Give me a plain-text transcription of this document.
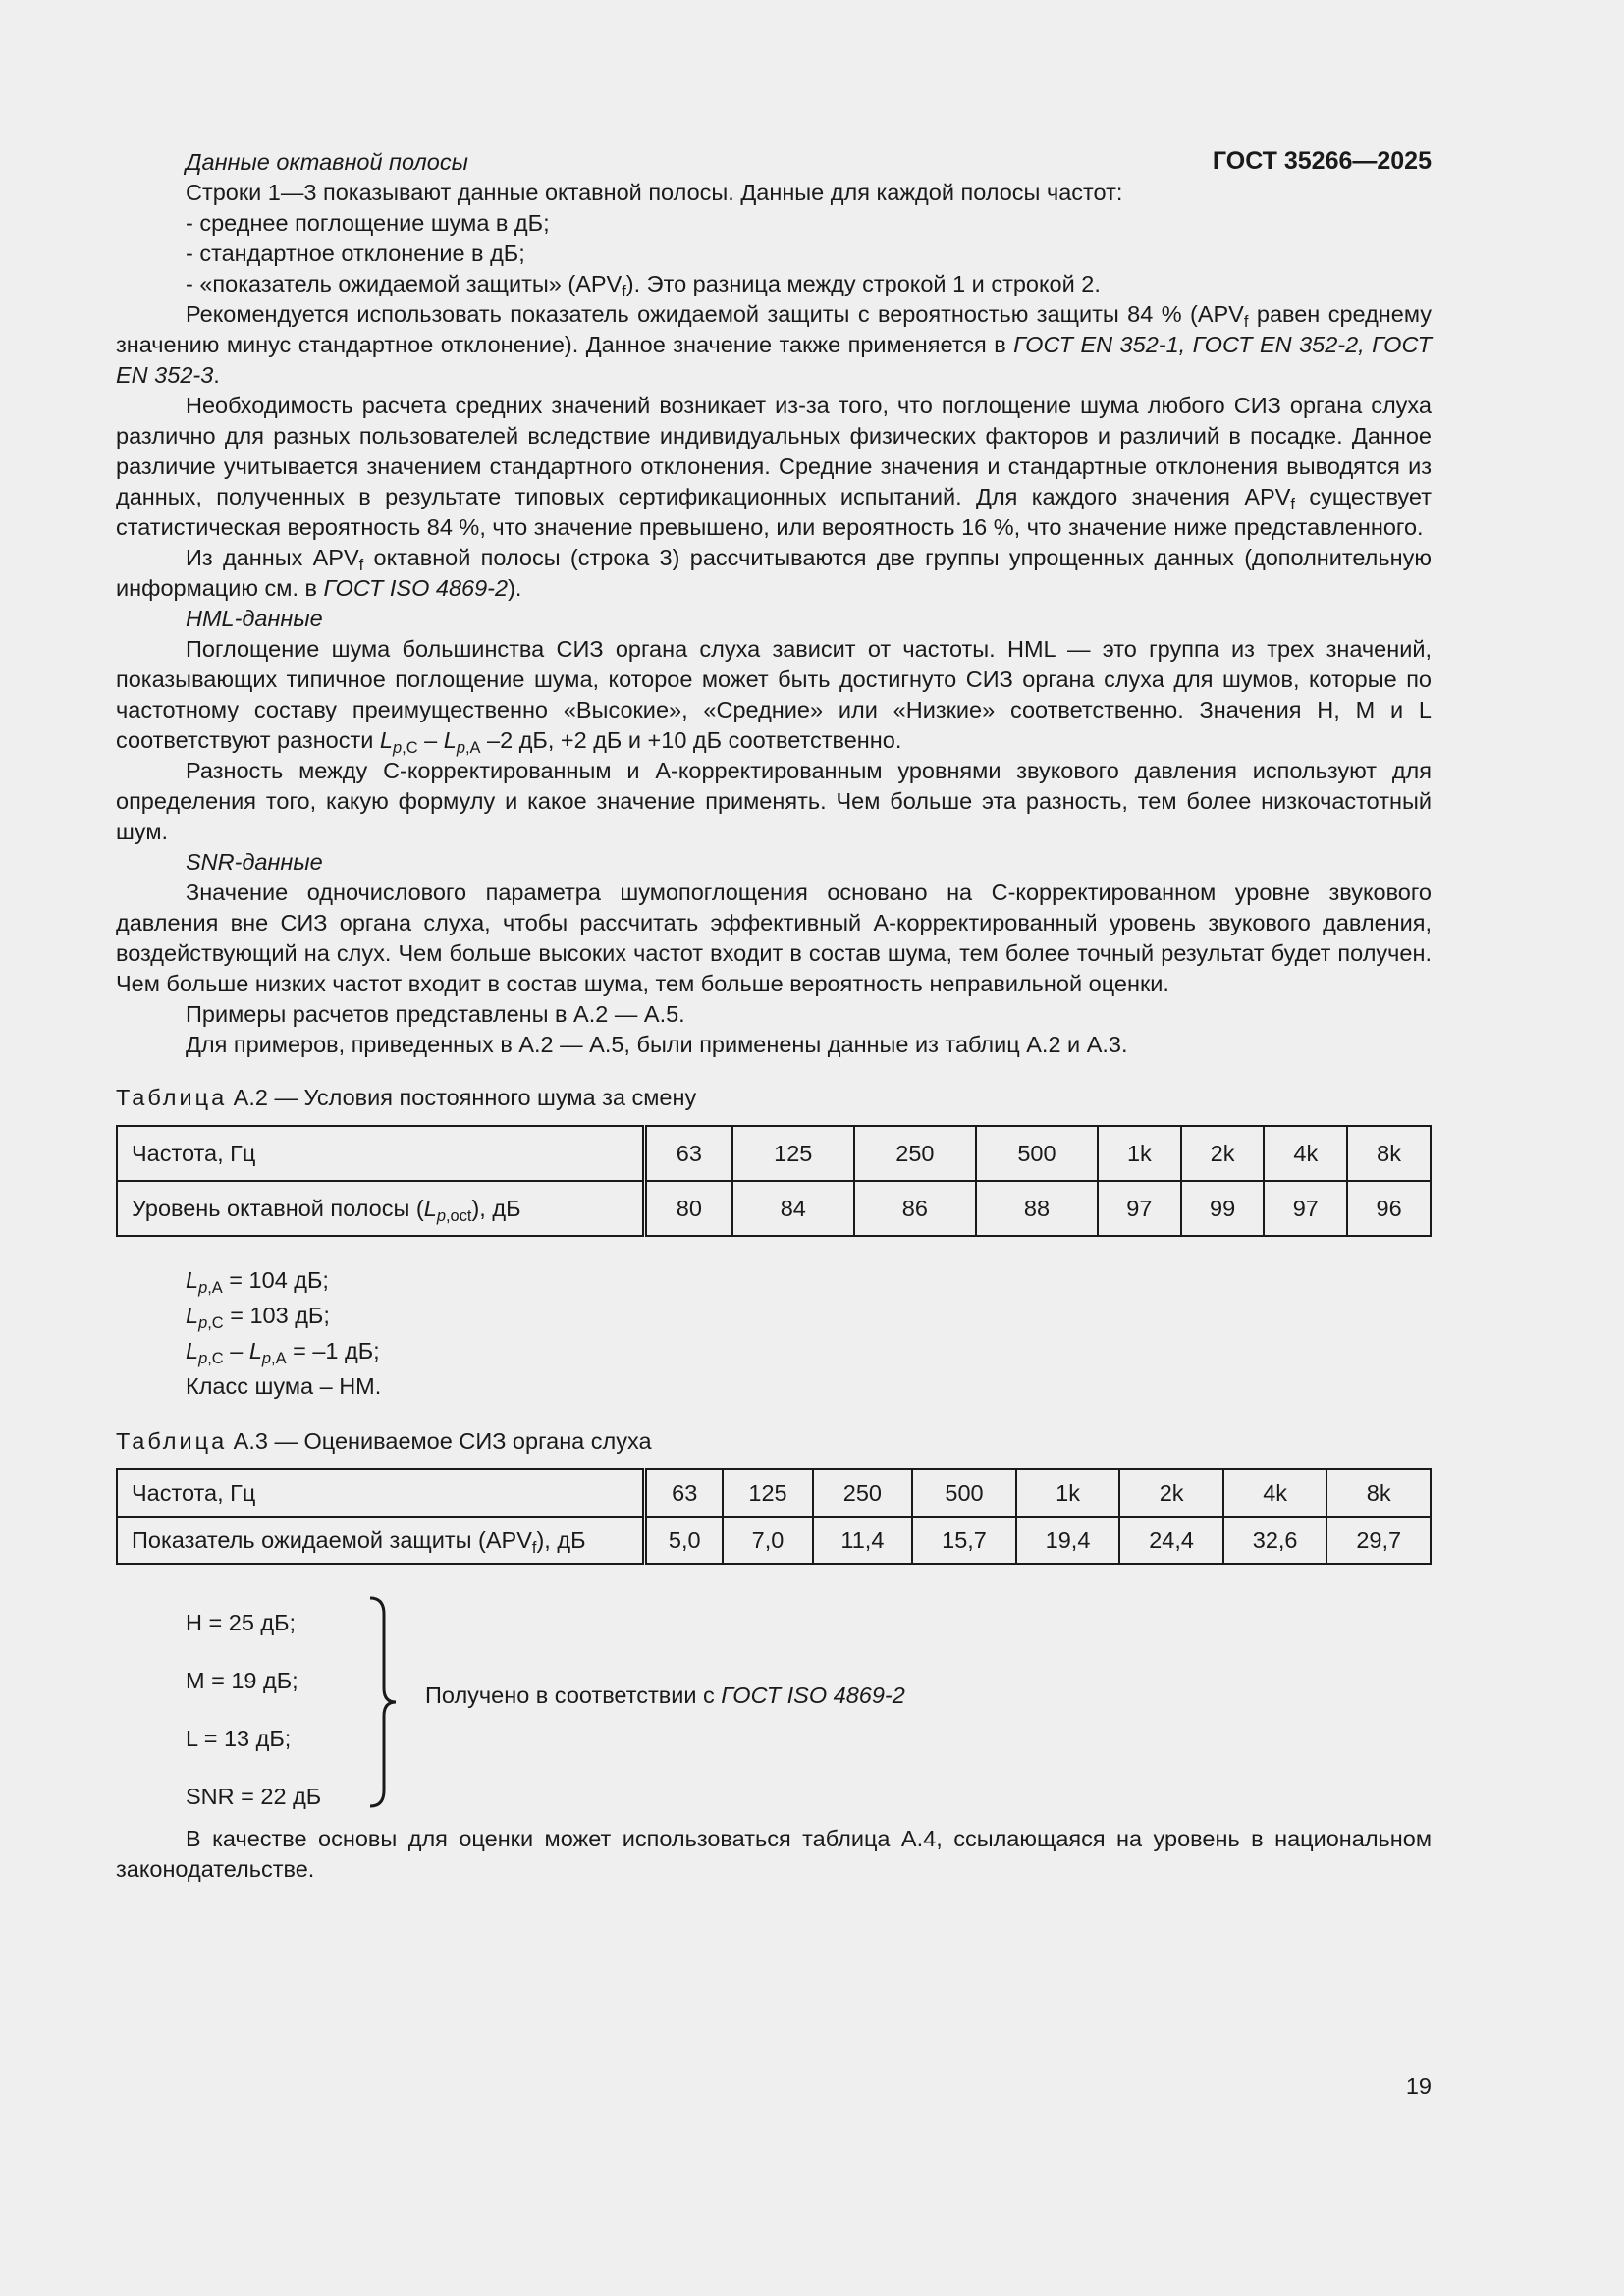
ГОСТ 35266—2025

Данные октавной полосы

Строки 1—3 показывают данные октавной полосы. Данные для каждой полосы частот:

- среднее поглощение шума в дБ;

- стандартное отклонение в дБ;

- «показатель ожидаемой защиты» $(APV_f)$. Это разница между строкой 1 и строкой 2.

Рекомендуется использовать показатель ожидаемой защиты с вероятностью защиты 84 % ($APV_f$ равен среднему значению минус стандартное отклонение). Данное значение также применяется в ГОСТ EN 352-1, ГОСТ EN 352-2, ГОСТ EN 352-3.

Необходимость расчета средних значений возникает из-за того, что поглощение шума любого СИЗ органа слуха различно для разных пользователей вследствие индивидуальных физических факторов и различий в посадке. Данное различие учитывается значением стандартного отклонения. Средние значения и стандартные отклонения выводятся из данных, полученных в результате типовых сертификационных испытаний. Для каждого значения $APV_f$ существует статистическая вероятность 84 %, что значение превышено, или вероятность 16 %, что значение ниже представленного.

Из данных $APV_f$ октавной полосы (строка 3) рассчитываются две группы упрощенных данных (дополнительную информацию см. в ГОСТ ISO 4869-2).

HML-данные

Поглощение шума большинства СИЗ органа слуха зависит от частоты. HML — это группа из трех значений, показывающих типичное поглощение шума, которое может быть достигнуто СИЗ органа слуха для шумов, которые по частотному составу преимущественно «Высокие», «Средние» или «Низкие» соответственно. Значения H, M и L соответствуют разности $L_{p,C} - L_{p,A}$ –2 дБ, +2 дБ и +10 дБ соответственно.

Разность между С-корректированным и А-корректированным уровнями звукового давления используют для определения того, какую формулу и какое значение применять. Чем больше эта разность, тем более низкочастотный шум.

SNR-данные

Значение одночислового параметра шумопоглощения основано на С-корректированном уровне звукового давления вне СИЗ органа слуха, чтобы рассчитать эффективный А-корректированный уровень звукового давления, воздействующий на слух. Чем больше высоких частот входит в состав шума, тем более точный результат будет получен. Чем больше низких частот входит в состав шума, тем больше вероятность неправильной оценки.

Примеры расчетов представлены в А.2 — А.5.

Для примеров, приведенных в А.2 — А.5, были применены данные из таблиц А.2 и А.3.

Таблица А.2 — Условия постоянного шума за смену
Частота, Гц	63	125	250	500	1k	2k	4k	8k
Уровень октавной полосы $(L_{p,oct})$, дБ	80	84	86	88	97	99	97	96
$L_{p,A} = 104$ дБ;
$L_{p,C} = 103$ дБ;
$L_{p,C} - L_{p,A} = -1$ дБ;
Класс шума – НМ.
Таблица А.3 — Оцениваемое СИЗ органа слуха
Частота, Гц	63	125	250	500	1k	2k	4k	8k
Показатель ожидаемой защиты $(APV_f)$, дБ	5,0	7,0	11,4	15,7	19,4	24,4	32,6	29,7
H = 25 дБ;
M = 19 дБ;
L = 13 дБ;
SNR = 22 дБ
Получено в соответствии с ГОСТ ISO 4869-2

В качестве основы для оценки может использоваться таблица А.4, ссылающаяся на уровень в национальном законодательстве.

19
